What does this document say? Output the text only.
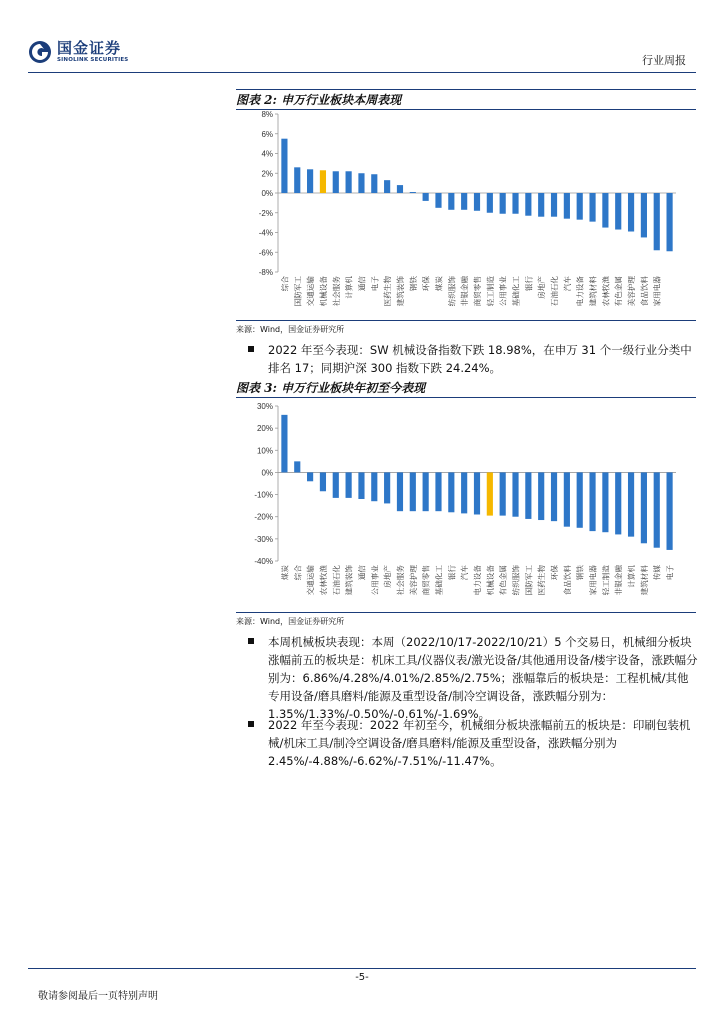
国金证券
SINOLINK SECURITIES	行业周报
图表 2: 申万行业板块本周表现
8%
6%
4%
2%
0%
-2%
-4%
-6%
-8%
综合 国防军工 交通运输 机械设备 社会服务 计算机 通信 电子 医药生物 建筑装饰 钢铁 环保 煤炭 纺织服饰 非银金融 商贸零售 轻工制造 公用事业 基础化工 银行 房地产 石油石化 汽车 电力设备 建筑材料 农林牧渔 有色金属 美容护理 食品饮料 家用电器
来源：Wind，国金证券研究所
2022 年至今表现：SW 机械设备指数下跌 18.98%，在申万 31 个一级行业分类中排名 17；同期沪深 300 指数下跌 24.24%。
图表 3: 申万行业板块年初至今表现
30%
20%
10%
0%
-10%
-20%
-30%
-40%
煤炭 综合 交通运输 农林牧渔 石油石化 建筑装饰 通信 公用事业 房地产 社会服务 美容护理 商贸零售 基础化工 银行 汽车 电力设备 机械设备 有色金属 纺织服饰 国防军工 医药生物 环保 食品饮料 钢铁 家用电器 轻工制造 非银金融 计算机 建筑材料 传媒 电子
来源：Wind，国金证券研究所
本周机械板块表现：本周（2022/10/17-2022/10/21）5 个交易日，机械细分板块涨幅前五的板块是：机床工具/仪器仪表/激光设备/其他通用设备/楼宇设备，涨跌幅分别为：6.86%/4.28%/4.01%/2.85%/2.75%；涨幅靠后的板块是：工程机械/其他专用设备/磨具磨料/能源及重型设备/制冷空调设备，涨跌幅分别为：1.35%/1.33%/-0.50%/-0.61%/-1.69%。
2022 年至今表现：2022 年初至今，机械细分板块涨幅前五的板块是：印刷包装机械/机床工具/制冷空调设备/磨具磨料/能源及重型设备，涨跌幅分别为 2.45%/-4.88%/-6.62%/-7.51%/-11.47%。
-5-
敬请参阅最后一页特别声明
